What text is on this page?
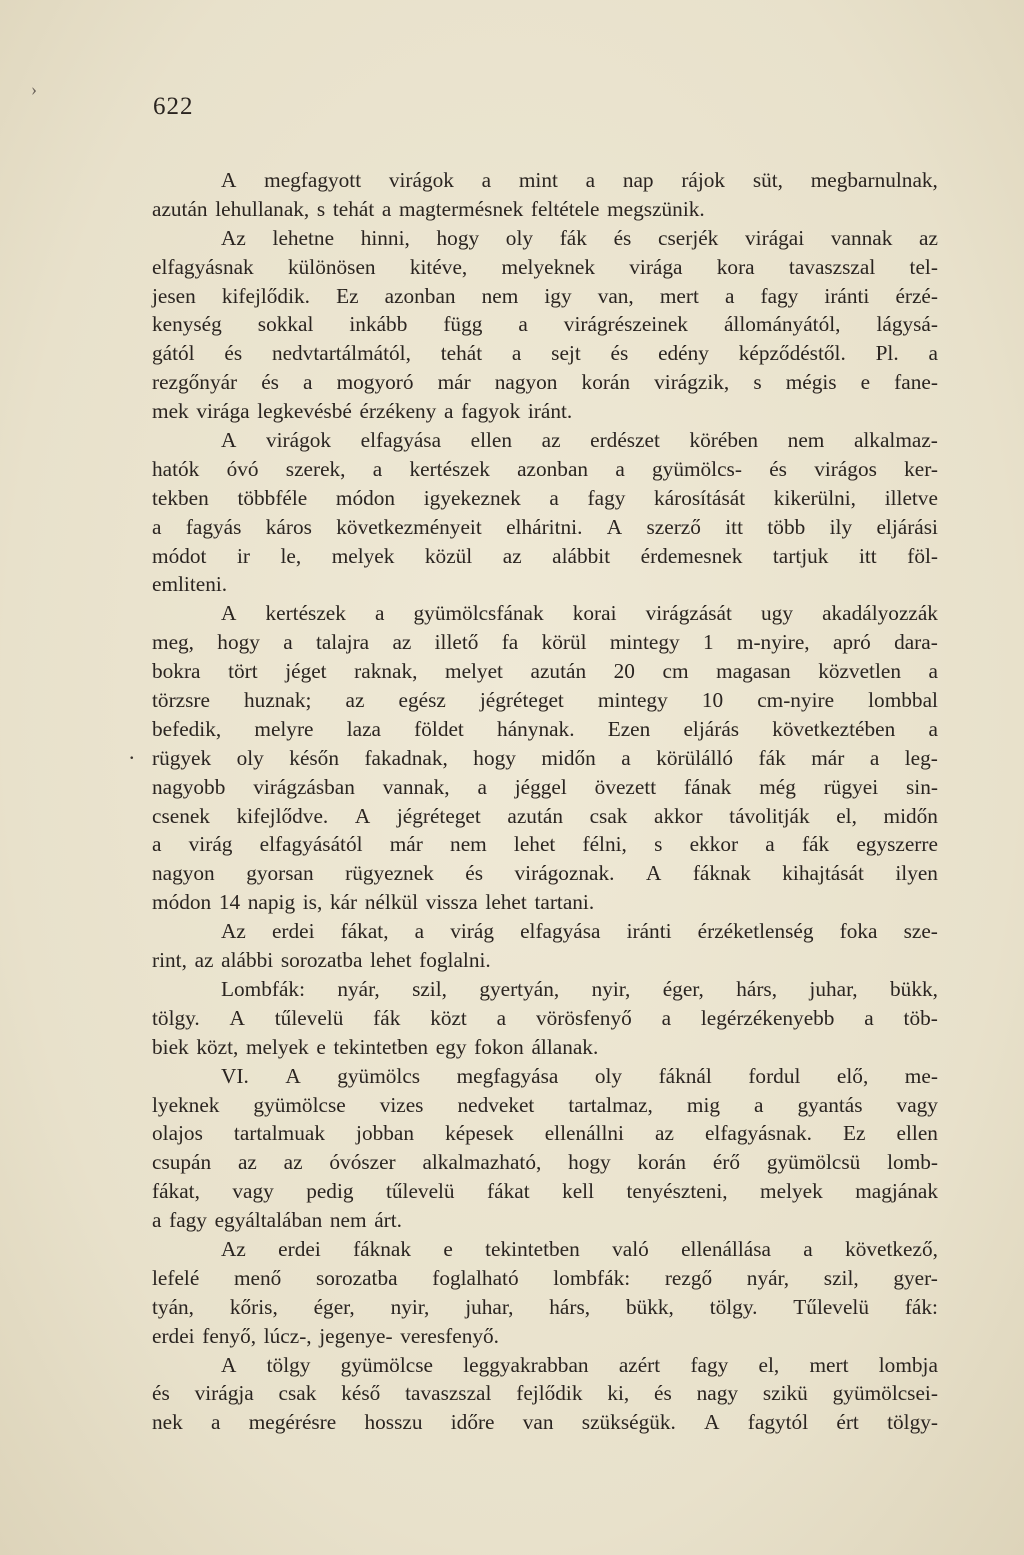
›
622
.
A megfagyott virágok a mint a nap rájok süt, megbarnulnak,
azután lehullanak, s tehát a magtermésnek feltétele megszünik.
Az lehetne hinni, hogy oly fák és cserjék virágai vannak az
elfagyásnak különösen kitéve, melyeknek virága kora tavaszszal tel-
jesen kifejlődik. Ez azonban nem igy van, mert a fagy iránti érzé-
kenység sokkal inkább függ a virágrészeinek állományától, lágysá-
gától és nedvtartálmától, tehát a sejt és edény képződéstől. Pl. a
rezgőnyár és a mogyoró már nagyon korán virágzik, s mégis e fane-
mek virága legkevésbé érzékeny a fagyok iránt.
A virágok elfagyása ellen az erdészet körében nem alkalmaz-
hatók óvó szerek, a kertészek azonban a gyümölcs- és virágos ker-
tekben többféle módon igyekeznek a fagy károsítását kikerülni, illetve
a fagyás káros következményeit elháritni. A szerző itt több ily eljárási
módot ir le, melyek közül az alábbit érdemesnek tartjuk itt föl-
emliteni.
A kertészek a gyümölcsfának korai virágzását ugy akadályozzák
meg, hogy a talajra az illető fa körül mintegy 1 m-nyire, apró dara-
bokra tört jéget raknak, melyet azután 20 cm magasan közvetlen a
törzsre huznak; az egész jégréteget mintegy 10 cm-nyire lombbal
befedik, melyre laza földet hánynak. Ezen eljárás következtében a
rügyek oly későn fakadnak, hogy midőn a körülálló fák már a leg-
nagyobb virágzásban vannak, a jéggel övezett fának még rügyei sin-
csenek kifejlődve. A jégréteget azután csak akkor távolitják el, midőn
a virág elfagyásától már nem lehet félni, s ekkor a fák egyszerre
nagyon gyorsan rügyeznek és virágoznak. A fáknak kihajtását ilyen
módon 14 napig is, kár nélkül vissza lehet tartani.
Az erdei fákat, a virág elfagyása iránti érzéketlenség foka sze-
rint, az alábbi sorozatba lehet foglalni.
Lombfák: nyár, szil, gyertyán, nyir, éger, hárs, juhar, bükk,
tölgy. A tűlevelü fák közt a vörösfenyő a legérzékenyebb a töb-
biek közt, melyek e tekintetben egy fokon állanak.
VI. A gyümölcs megfagyása oly fáknál fordul elő, me-
lyeknek gyümölcse vizes nedveket tartalmaz, mig a gyantás vagy
olajos tartalmuak jobban képesek ellenállni az elfagyásnak. Ez ellen
csupán az az óvószer alkalmazható, hogy korán érő gyümölcsü lomb-
fákat, vagy pedig tűlevelü fákat kell tenyészteni, melyek magjának
a fagy egyáltalában nem árt.
Az erdei fáknak e tekintetben való ellenállása a következő,
lefelé menő sorozatba foglalható lombfák: rezgő nyár, szil, gyer-
tyán, kőris, éger, nyir, juhar, hárs, bükk, tölgy. Tűlevelü fák:
erdei fenyő, lúcz-, jegenye- veresfenyő.
A tölgy gyümölcse leggyakrabban azért fagy el, mert lombja
és virágja csak késő tavaszszal fejlődik ki, és nagy szikü gyümölcsei-
nek a megérésre hosszu időre van szükségük. A fagytól ért tölgy-
